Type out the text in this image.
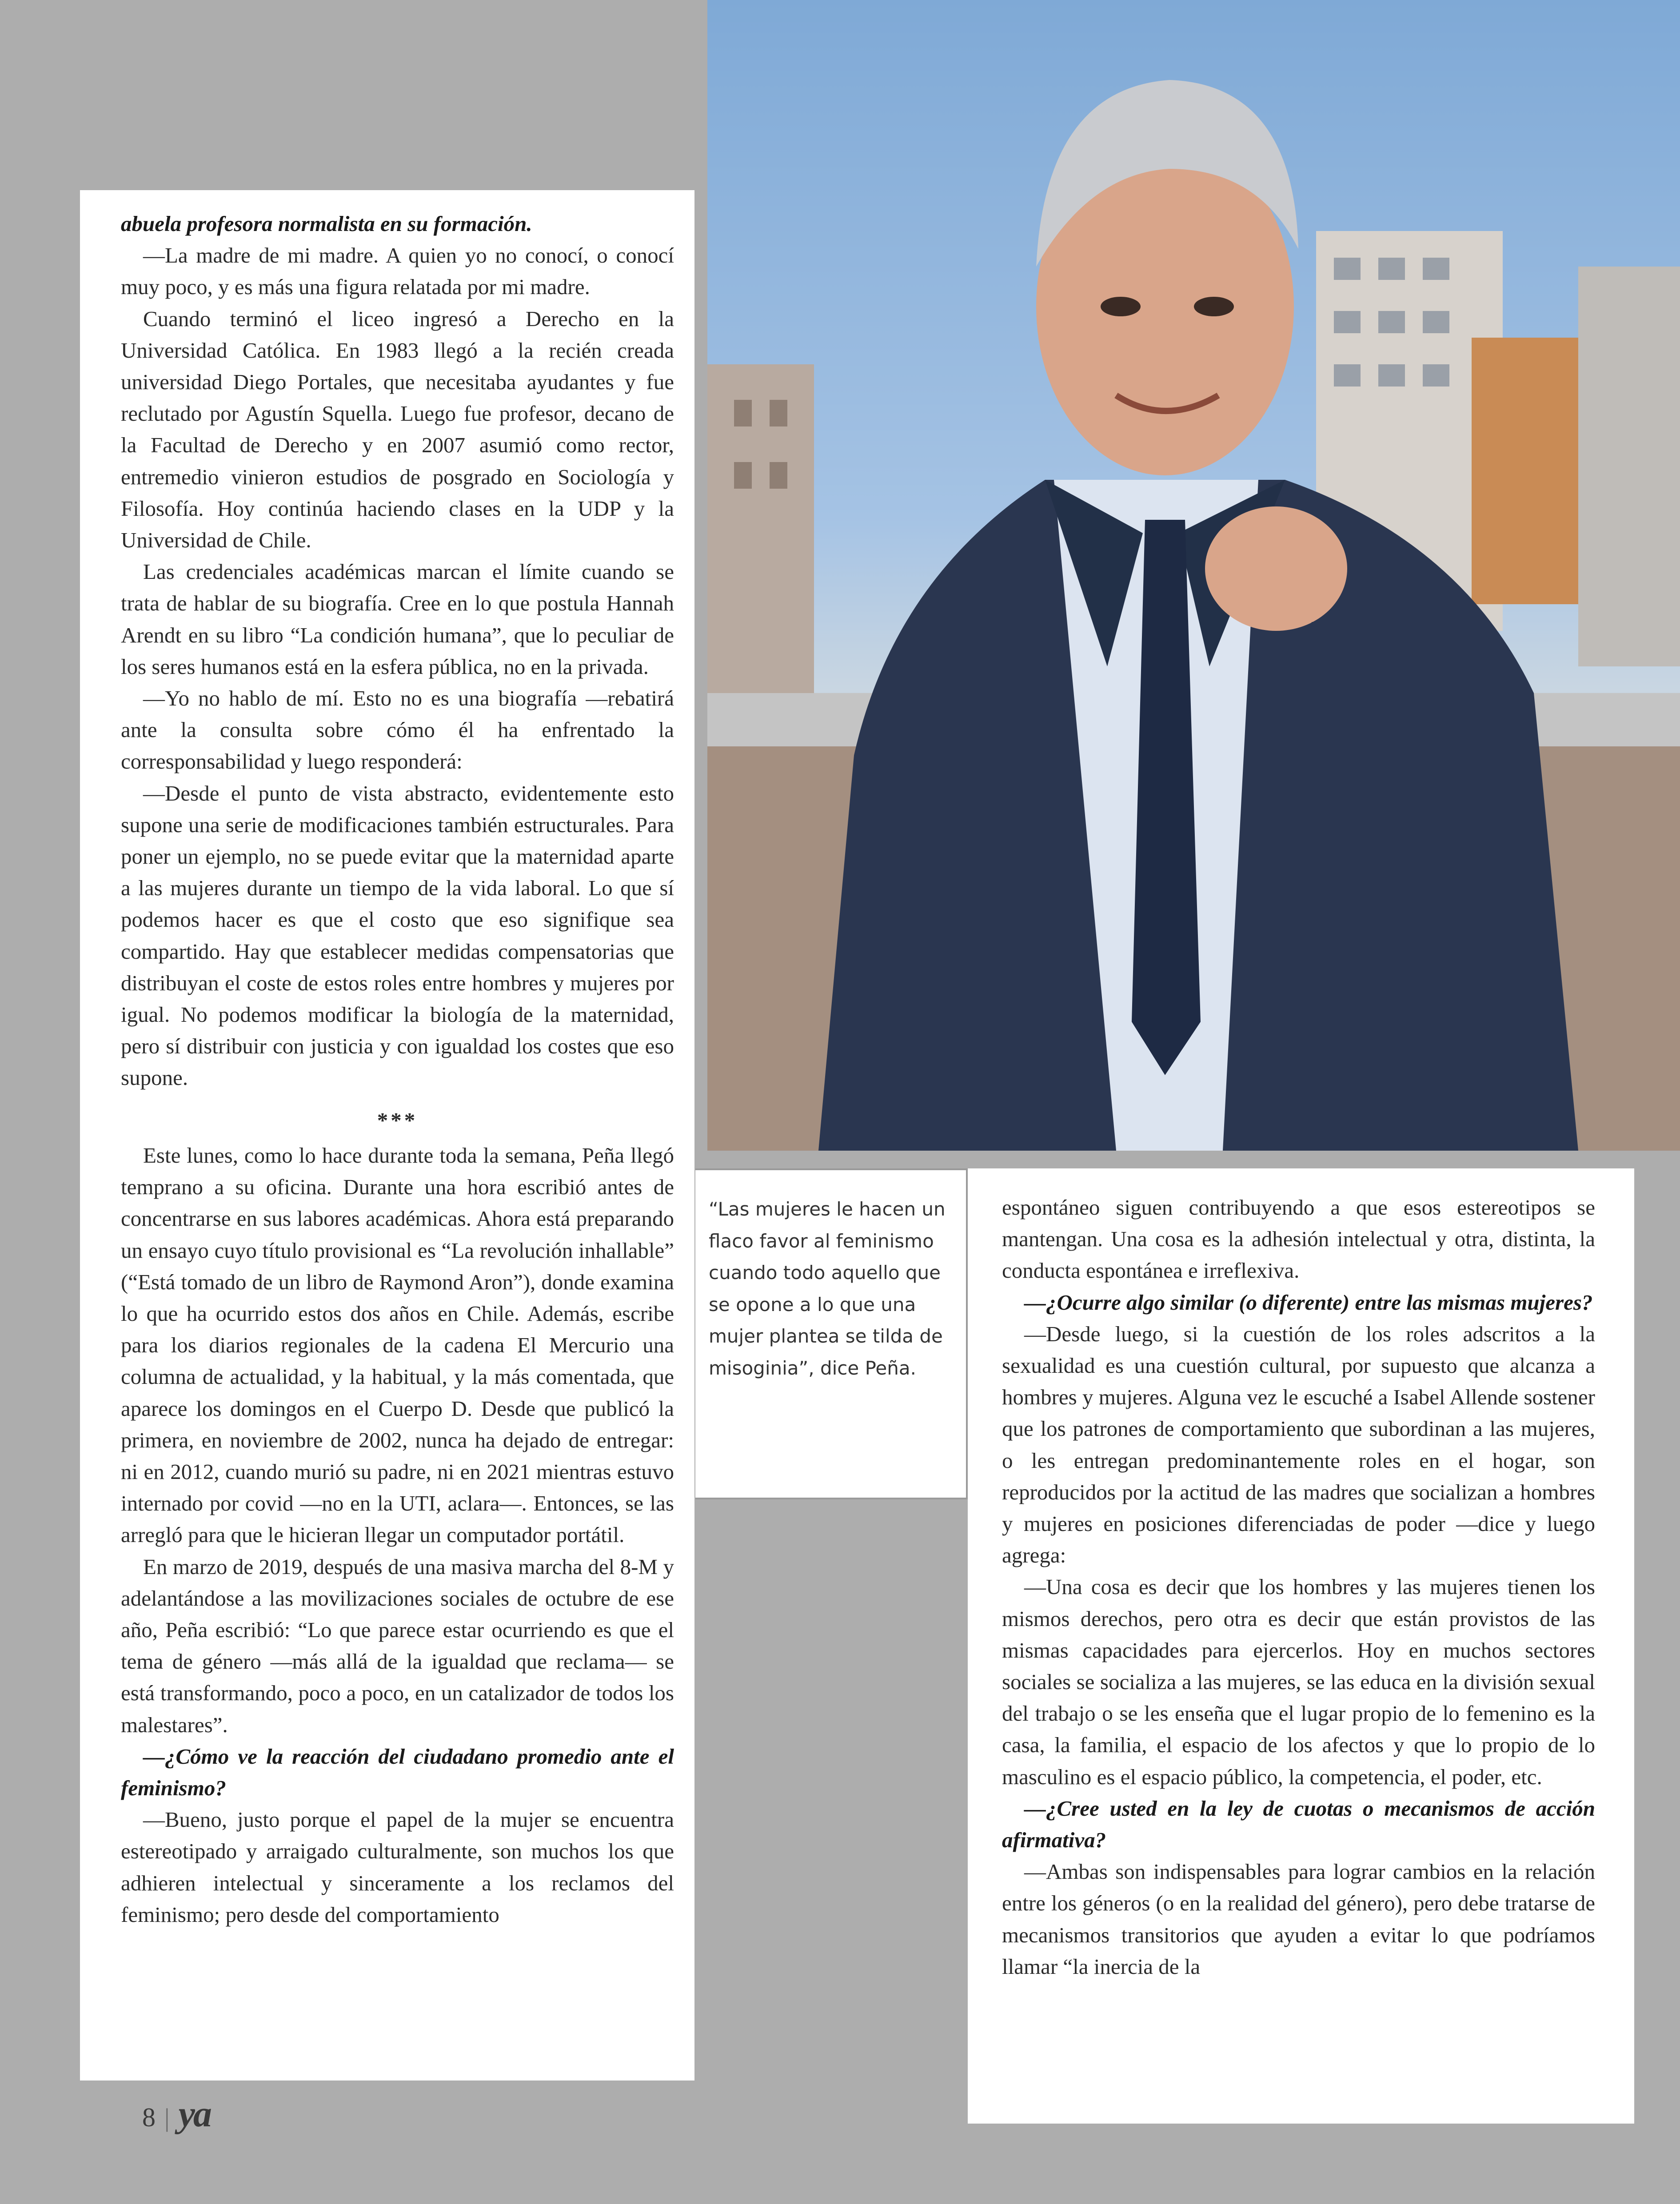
abuela profesora normalista en su formación.

—La madre de mi madre. A quien yo no conocí, o conocí muy poco, y es más una figura relatada por mi madre.

Cuando terminó el liceo ingresó a Derecho en la Universidad Católica. En 1983 llegó a la recién creada universidad Diego Portales, que necesitaba ayudantes y fue reclutado por Agustín Squella. Luego fue profesor, decano de la Facultad de Derecho y en 2007 asumió como rector, entremedio vinieron estudios de posgrado en Sociología y Filosofía. Hoy continúa haciendo clases en la UDP y la Universidad de Chile.

Las credenciales académicas marcan el límite cuando se trata de hablar de su biografía. Cree en lo que postula Hannah Arendt en su libro “La condición humana”, que lo peculiar de los seres humanos está en la esfera pública, no en la privada.

—Yo no hablo de mí. Esto no es una biografía —rebatirá ante la consulta sobre cómo él ha enfrentado la corresponsabilidad y luego responderá:

—Desde el punto de vista abstracto, evidentemente esto supone una serie de modificaciones también estructurales. Para poner un ejemplo, no se puede evitar que la maternidad aparte a las mujeres durante un tiempo de la vida laboral. Lo que sí podemos hacer es que el costo que eso signifique sea compartido. Hay que establecer medidas compensatorias que distribuyan el coste de estos roles entre hombres y mujeres por igual. No podemos modificar la biología de la maternidad, pero sí distribuir con justicia y con igualdad los costes que eso supone.

***

Este lunes, como lo hace durante toda la semana, Peña llegó temprano a su oficina. Durante una hora escribió antes de concentrarse en sus labores académicas. Ahora está preparando un ensayo cuyo título provisional es “La revolución inhallable” (“Está tomado de un libro de Raymond Aron”), donde examina lo que ha ocurrido estos dos años en Chile. Además, escribe para los diarios regionales de la cadena El Mercurio una columna de actualidad, y la habitual, y la más comentada, que aparece los domingos en el Cuerpo D. Desde que publicó la primera, en noviembre de 2002, nunca ha dejado de entregar: ni en 2012, cuando murió su padre, ni en 2021 mientras estuvo internado por covid —no en la UTI, aclara—. Entonces, se las arregló para que le hicieran llegar un computador portátil.

En marzo de 2019, después de una masiva marcha del 8-M y adelantándose a las movilizaciones sociales de octubre de ese año, Peña escribió: “Lo que parece estar ocurriendo es que el tema de género —más allá de la igualdad que reclama— se está transformando, poco a poco, en un catalizador de todos los malestares”.

—¿Cómo ve la reacción del ciudadano promedio ante el feminismo?

—Bueno, justo porque el papel de la mujer se encuentra estereotipado y arraigado culturalmente, son muchos los que adhieren intelectual y sinceramente a los reclamos del feminismo; pero desde del comportamiento

“Las mujeres le hacen un flaco favor al feminismo cuando todo aquello que se opone a lo que una mujer plantea se tilda de misoginia”, dice Peña.

espontáneo siguen contribuyendo a que esos estereotipos se mantengan. Una cosa es la adhesión intelectual y otra, distinta, la conducta espontánea e irreflexiva.

—¿Ocurre algo similar (o diferente) entre las mismas mujeres?

—Desde luego, si la cuestión de los roles adscritos a la sexualidad es una cuestión cultural, por supuesto que alcanza a hombres y mujeres. Alguna vez le escuché a Isabel Allende sostener que los patrones de comportamiento que subordinan a las mujeres, o les entregan predominantemente roles en el hogar, son reproducidos por la actitud de las madres que socializan a hombres y mujeres en posiciones diferenciadas de poder —dice y luego agrega:

—Una cosa es decir que los hombres y las mujeres tienen los mismos derechos, pero otra es decir que están provistos de las mismas capacidades para ejercerlos. Hoy en muchos sectores sociales se socializa a las mujeres, se las educa en la división sexual del trabajo o se les enseña que el lugar propio de lo femenino es la casa, la familia, el espacio de los afectos y que lo propio de lo masculino es el espacio público, la competencia, el poder, etc.

—¿Cree usted en la ley de cuotas o mecanismos de acción afirmativa?

—Ambas son indispensables para lograr cambios en la relación entre los géneros (o en la realidad del género), pero debe tratarse de mecanismos transitorios que ayuden a evitar lo que podríamos llamar “la inercia de la

8 | ya
